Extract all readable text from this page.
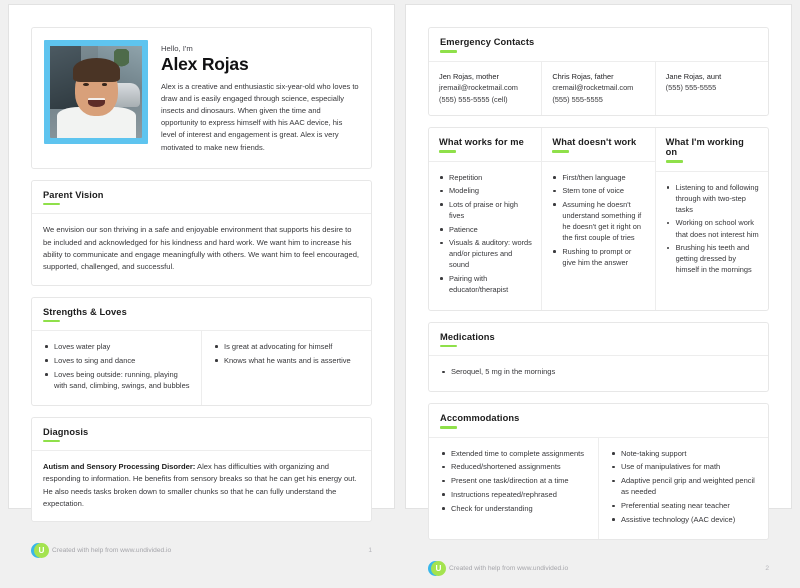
Hello, I'm
Alex Rojas
Alex is a creative and enthusiastic six-year-old who loves to draw and is easily engaged through science, especially insects and dinosaurs. When given the time and opportunity to express himself with his AAC device, his level of interest and engagement is great. Alex is very motivated to make new friends.
Parent Vision
We envision our son thriving in a safe and enjoyable environment that supports his desire to be included and acknowledged for his kindness and hard work. We want him to increase his ability to communicate and engage meaningfully with others. We want him to feel encouraged, supported, challenged, and successful.
Strengths & Loves
Loves water play
Loves to sing and dance
Loves being outside: running, playing with sand, climbing, swings, and bubbles
Is great at advocating for himself
Knows what he wants and is assertive
Diagnosis
Autism and Sensory Processing Disorder: Alex has difficulties with organizing and responding to information. He benefits from sensory breaks so that he can get his energy out. He also needs tasks broken down to smaller chunks so that he can fully understand the expectation.
U	Created with help from www.undivided.io	1
Emergency Contacts
Jen Rojas, mother
jremail@rocketmail.com
(555) 555-5555 (cell)
Chris Rojas, father
cremail@rocketmail.com
(555) 555-5555
Jane Rojas, aunt
(555) 555-5555
What works for me
Repetition
Modeling
Lots of praise or high fives
Patience
Visuals & auditory: words and/or pictures and sound
Pairing with educator/therapist
What doesn't work
First/then language
Stern tone of voice
Assuming he doesn't understand something if he doesn't get it right on the first couple of tries
Rushing to prompt or give him the answer
What I'm working on
Listening to and following through with two-step tasks
Working on school work that does not interest him
Brushing his teeth and getting dressed by himself in the mornings
Medications
Seroquel, 5 mg in the mornings
Accommodations
Extended time to complete assignments
Reduced/shortened assignments
Present one task/direction at a time
Instructions repeated/rephrased
Check for understanding
Note-taking support
Use of manipulatives for math
Adaptive pencil grip and weighted pencil as needed
Preferential seating near teacher
Assistive technology (AAC device)
U	Created with help from www.undivided.io	2
